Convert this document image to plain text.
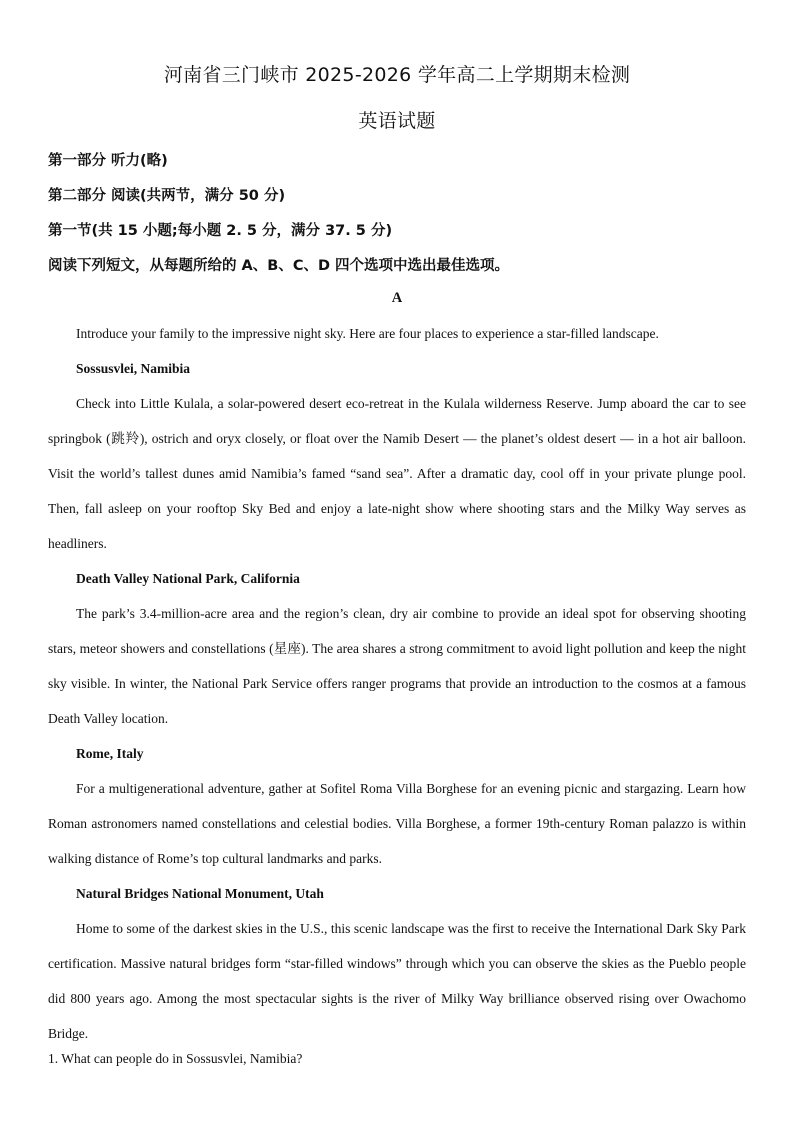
河南省三门峡市 2025-2026 学年高二上学期期末检测
英语试题
第一部分 听力(略)
第二部分 阅读(共两节，满分 50 分)
第一节(共 15 小题;每小题 2. 5 分，满分 37. 5 分)
阅读下列短文，从每题所给的 A、B、C、D 四个选项中选出最佳选项。
A

Introduce your family to the impressive night sky. Here are four places to experience a star-filled landscape.

Sossusvlei, Namibia

Check into Little Kulala, a solar-powered desert eco-retreat in the Kulala wilderness Reserve. Jump aboard the car to see springbok (跳羚), ostrich and oryx closely, or float over the Namib Desert — the planet’s oldest desert — in a hot air balloon. Visit the world’s tallest dunes amid Namibia’s famed “sand sea”. After a dramatic day, cool off in your private plunge pool. Then, fall asleep on your rooftop Sky Bed and enjoy a late-night show where shooting stars and the Milky Way serves as headliners.

Death Valley National Park, California

The park’s 3.4-million-acre area and the region’s clean, dry air combine to provide an ideal spot for observing shooting stars, meteor showers and constellations (星座). The area shares a strong commitment to avoid light pollution and keep the night sky visible. In winter, the National Park Service offers ranger programs that provide an introduction to the cosmos at a famous Death Valley location.

Rome, Italy

For a multigenerational adventure, gather at Sofitel Roma Villa Borghese for an evening picnic and stargazing. Learn how Roman astronomers named constellations and celestial bodies. Villa Borghese, a former 19th-century Roman palazzo is within walking distance of Rome’s top cultural landmarks and parks.

Natural Bridges National Monument, Utah

Home to some of the darkest skies in the U.S., this scenic landscape was the first to receive the International Dark Sky Park certification. Massive natural bridges form “star-filled windows” through which you can observe the skies as the Pueblo people did 800 years ago. Among the most spectacular sights is the river of Milky Way brilliance observed rising over Owachomo Bridge.

1. What can people do in Sossusvlei, Namibia?
